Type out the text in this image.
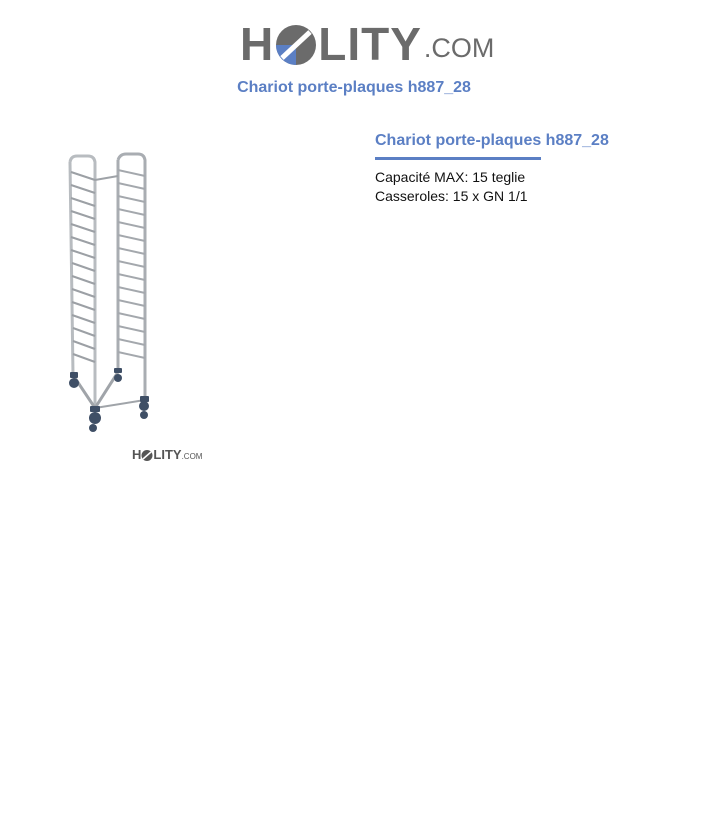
H LITY .COM
Chariot porte-plaques h887_28
H LITY .COM
Chariot porte-plaques h887_28
Capacité MAX: 15 teglie
Casseroles: 15 x GN 1/1
